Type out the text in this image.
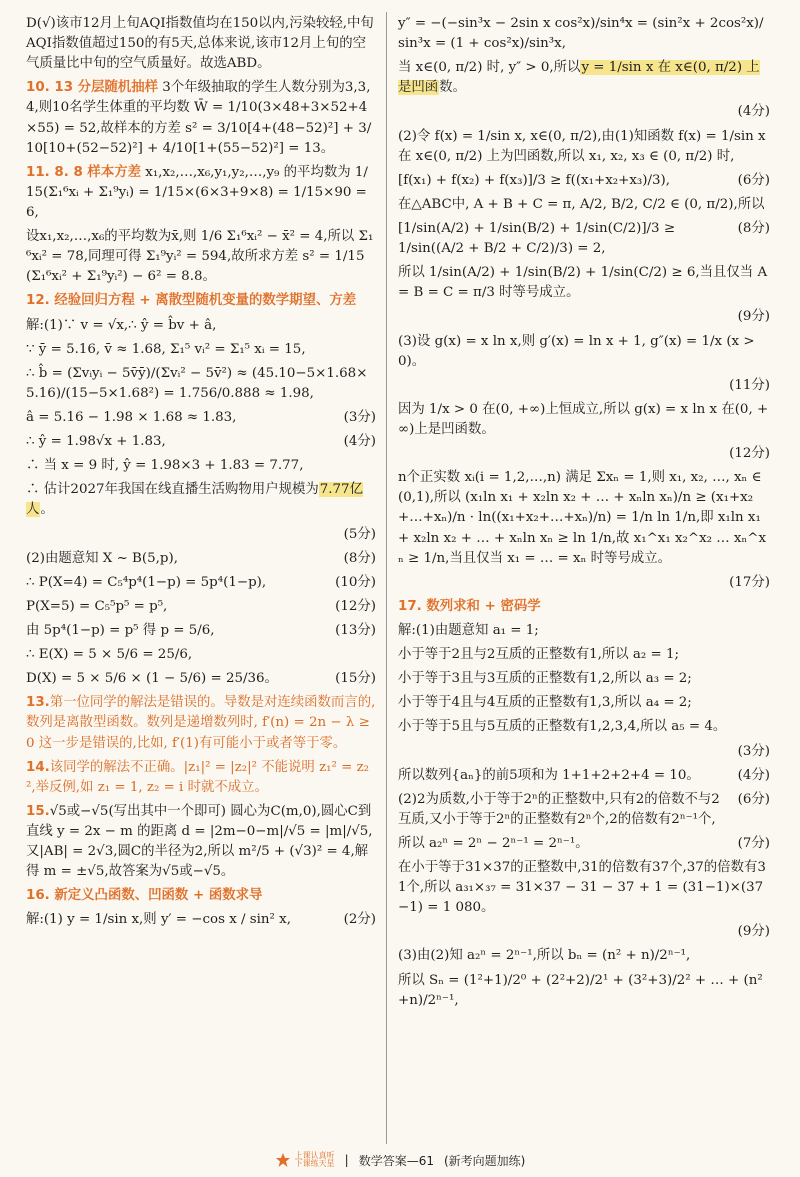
D(√)该市12月上旬AQI指数值均在150以内,污染较轻,中旬AQI指数值超过150的有5天,总体来说,该市12月上旬的空气质量比中旬的空气质量好。故选ABD。

10. 13 分层随机抽样 3个年级抽取的学生人数分别为3,3,4,则10名学生体重的平均数 W̄ = 1/10(3×48+3×52+4×55) = 52,故样本的方差 s² = 3/10[4+(48−52)²] + 3/10[10+(52−52)²] + 4/10[1+(55−52)²] = 13。

11. 8. 8 样本方差 x₁,x₂,…,x₆,y₁,y₂,…,y₉ 的平均数为 1/15(Σ₁⁶xᵢ + Σ₁⁹yᵢ) = 1/15×(6×3+9×8) = 1/15×90 = 6,

设x₁,x₂,…,x₆的平均数为x̄,则 1/6 Σ₁⁶xᵢ² − x̄² = 4,所以 Σ₁⁶xᵢ² = 78,同理可得 Σ₁⁹yᵢ² = 594,故所求方差 s² = 1/15(Σ₁⁶xᵢ² + Σ₁⁹yᵢ²) − 6² = 8.8。

12. 经验回归方程 + 离散型随机变量的数学期望、方差

解:(1)∵ v = √x,∴ ŷ = b̂v + â,

∵ ȳ = 5.16, v̄ ≈ 1.68, Σ₁⁵ vᵢ² = Σ₁⁵ xᵢ = 15,

∴ b̂ = (Σvᵢyᵢ − 5v̄ȳ)/(Σvᵢ² − 5v̄²) ≈ (45.10−5×1.68×5.16)/(15−5×1.68²) = 1.756/0.888 ≈ 1.98,

â = 5.16 − 1.98 × 1.68 ≈ 1.83,	(3分)
∴ ŷ = 1.98√x + 1.83,	(4分)

∴ 当 x = 9 时, ŷ = 1.98×3 + 1.83 = 7.77,

∴ 估计2027年我国在线直播生活购物用户规模为7.77亿人。

(5分)
(2)由题意知 X ~ B(5,p),	(8分)
∴ P(X=4) = C₅⁴p⁴(1−p) = 5p⁴(1−p),	(10分)
P(X=5) = C₅⁵p⁵ = p⁵,	(12分)
由 5p⁴(1−p) = p⁵ 得 p = 5/6,	(13分)
∴ E(X) = 5 × 5/6 = 25/6,
D(X) = 5 × 5/6 × (1 − 5/6) = 25/36。	(15分)

13.第一位同学的解法是错误的。导数是对连续函数而言的,数列是离散型函数。数列是递增数列时, f′(n) = 2n − λ ≥ 0 这一步是错误的,比如, f′(1)有可能小于或者等于零。

14.该同学的解法不正确。|z₁|² = |z₂|² 不能说明 z₁² = z₂²,举反例,如 z₁ = 1, z₂ = i 时就不成立。

15.√5或−√5(写出其中一个即可) 圆心为C(m,0),圆心C到直线 y = 2x − m 的距离 d = |2m−0−m|/√5 = |m|/√5,又|AB| = 2√3,圆C的半径为2,所以 m²/5 + (√3)² = 4,解得 m = ±√5,故答案为√5或−√5。

16. 新定义凸函数、凹函数 + 函数求导

解:(1) y = 1/sin x,则 y′ = −cos x / sin² x,	(2分)

y″ = −(−sin³x − 2sin x cos²x)/sin⁴x = (sin²x + 2cos²x)/sin³x = (1 + cos²x)/sin³x,

当 x∈(0, π/2) 时, y″ > 0,所以y = 1/sin x 在 x∈(0, π/2) 上是凹函数。

(4分)

(2)令 f(x) = 1/sin x, x∈(0, π/2),由(1)知函数 f(x) = 1/sin x 在 x∈(0, π/2) 上为凹函数,所以 x₁, x₂, x₃ ∈ (0, π/2) 时,

[f(x₁) + f(x₂) + f(x₃)]/3 ≥ f((x₁+x₂+x₃)/3),	(6分)

在△ABC中, A + B + C = π, A/2, B/2, C/2 ∈ (0, π/2),所以

[1/sin(A/2) + 1/sin(B/2) + 1/sin(C/2)]/3 ≥ 1/sin((A/2 + B/2 + C/2)/3) = 2,
(8分)

所以 1/sin(A/2) + 1/sin(B/2) + 1/sin(C/2) ≥ 6,当且仅当 A = B = C = π/3 时等号成立。

(9分)

(3)设 g(x) = x ln x,则 g′(x) = ln x + 1, g″(x) = 1/x (x > 0)。

(11分)

因为 1/x > 0 在(0, +∞)上恒成立,所以 g(x) = x ln x 在(0, +∞)上是凹函数。

(12分)

n个正实数 xᵢ(i = 1,2,…,n) 满足 Σxₙ = 1,则 x₁, x₂, …, xₙ ∈ (0,1),所以 (x₁ln x₁ + x₂ln x₂ + … + xₙln xₙ)/n ≥ (x₁+x₂+…+xₙ)/n · ln((x₁+x₂+…+xₙ)/n) = 1/n ln 1/n,即 x₁ln x₁ + x₂ln x₂ + … + xₙln xₙ ≥ ln 1/n,故 x₁^x₁ x₂^x₂ … xₙ^xₙ ≥ 1/n,当且仅当 x₁ = … = xₙ 时等号成立。

(17分)

17. 数列求和 + 密码学

解:(1)由题意知 a₁ = 1;

小于等于2且与2互质的正整数有1,所以 a₂ = 1;

小于等于3且与3互质的正整数有1,2,所以 a₃ = 2;

小于等于4且与4互质的正整数有1,3,所以 a₄ = 2;

小于等于5且与5互质的正整数有1,2,3,4,所以 a₅ = 4。

(3分)
所以数列{aₙ}的前5项和为 1+1+2+2+4 = 10。	(4分)
(2)2为质数,小于等于2ⁿ的正整数中,只有2的倍数不与2互质,又小于等于2ⁿ的正整数有2ⁿ个,2的倍数有2ⁿ⁻¹个,
(6分)
所以 a₂ⁿ = 2ⁿ − 2ⁿ⁻¹ = 2ⁿ⁻¹。	(7分)

在小于等于31×37的正整数中,31的倍数有37个,37的倍数有31个,所以 a₃₁×₃₇ = 31×37 − 31 − 37 + 1 = (31−1)×(37−1) = 1 080。

(9分)

(3)由(2)知 a₂ⁿ = 2ⁿ⁻¹,所以 bₙ = (n² + n)/2ⁿ⁻¹,

所以 Sₙ = (1²+1)/2⁰ + (2²+2)/2¹ + (3²+3)/2² + … + (n²+n)/2ⁿ⁻¹,

上课认真听
下课练天星 | 数学答案—61 (新考向题加练)
